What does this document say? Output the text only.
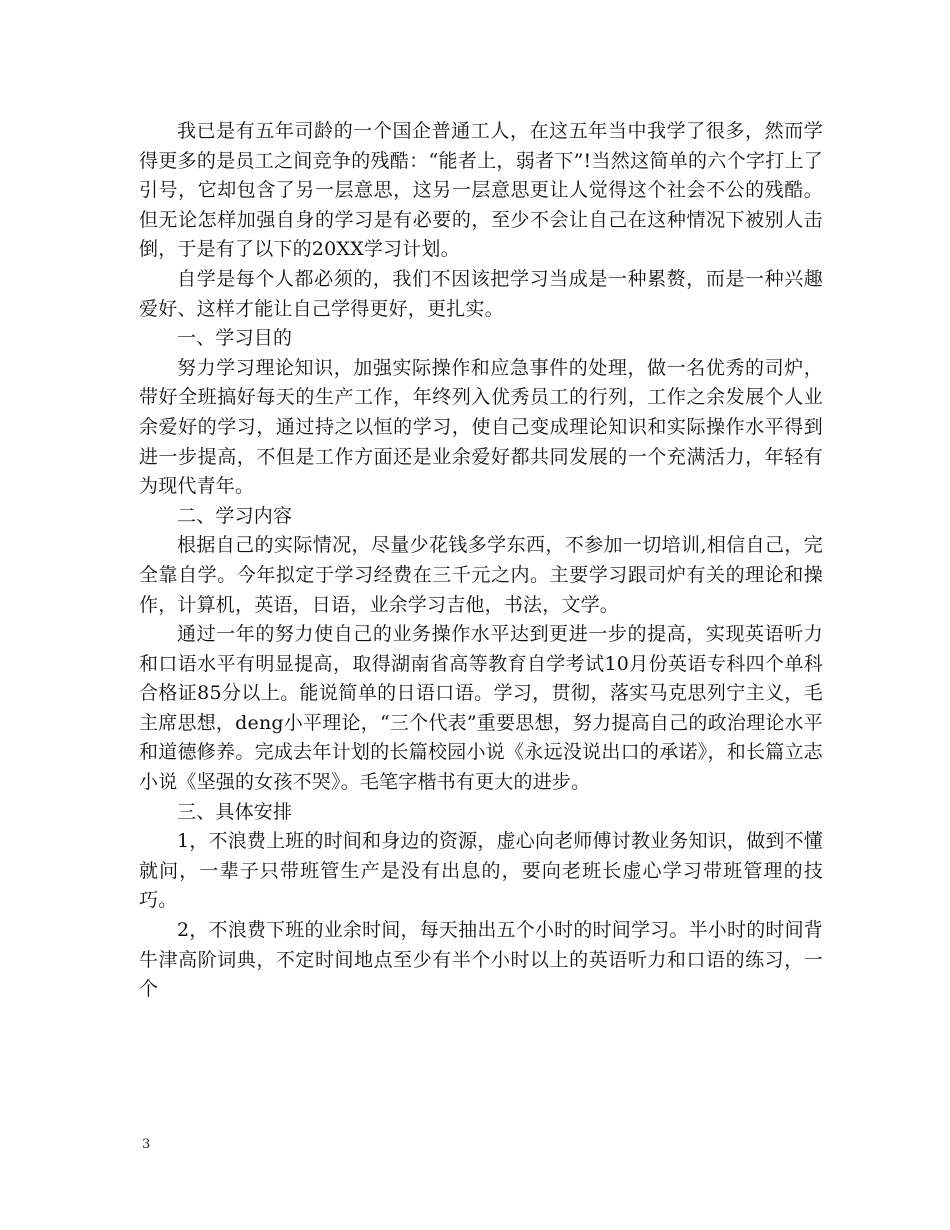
我已是有五年司龄的一个国企普通工人，在这五年当中我学了很多，然而学得更多的是员工之间竞争的残酷：“能者上，弱者下”!当然这简单的六个字打上了引号，它却包含了另一层意思，这另一层意思更让人觉得这个社会不公的残酷。但无论怎样加强自身的学习是有必要的，至少不会让自己在这种情况下被别人击倒，于是有了以下的20XX学习计划。

自学是每个人都必须的，我们不因该把学习当成是一种累赘，而是一种兴趣爱好、这样才能让自己学得更好，更扎实。

一、学习目的

努力学习理论知识，加强实际操作和应急事件的处理，做一名优秀的司炉，带好全班搞好每天的生产工作，年终列入优秀员工的行列，工作之余发展个人业余爱好的学习，通过持之以恒的学习，使自己变成理论知识和实际操作水平得到进一步提高，不但是工作方面还是业余爱好都共同发展的一个充满活力，年轻有为现代青年。

二、学习内容

根据自己的实际情况，尽量少花钱多学东西，不参加一切培训,相信自己，完全靠自学。今年拟定于学习经费在三千元之内。主要学习跟司炉有关的理论和操作，计算机，英语，日语，业余学习吉他，书法，文学。

通过一年的努力使自己的业务操作水平达到更进一步的提高，实现英语听力和口语水平有明显提高，取得湖南省高等教育自学考试10月份英语专科四个单科合格证85分以上。能说简单的日语口语。学习，贯彻，落实马克思列宁主义，毛主席思想，deng小平理论，“三个代表”重要思想，努力提高自己的政治理论水平和道德修养。完成去年计划的长篇校园小说《永远没说出口的承诺》，和长篇立志小说《坚强的女孩不哭》。毛笔字楷书有更大的进步。

三、具体安排

1，不浪费上班的时间和身边的资源，虚心向老师傅讨教业务知识，做到不懂就问，一辈子只带班管生产是没有出息的，要向老班长虚心学习带班管理的技巧。

2，不浪费下班的业余时间，每天抽出五个小时的时间学习。半小时的时间背牛津高阶词典，不定时间地点至少有半个小时以上的英语听力和口语的练习，一个

3
